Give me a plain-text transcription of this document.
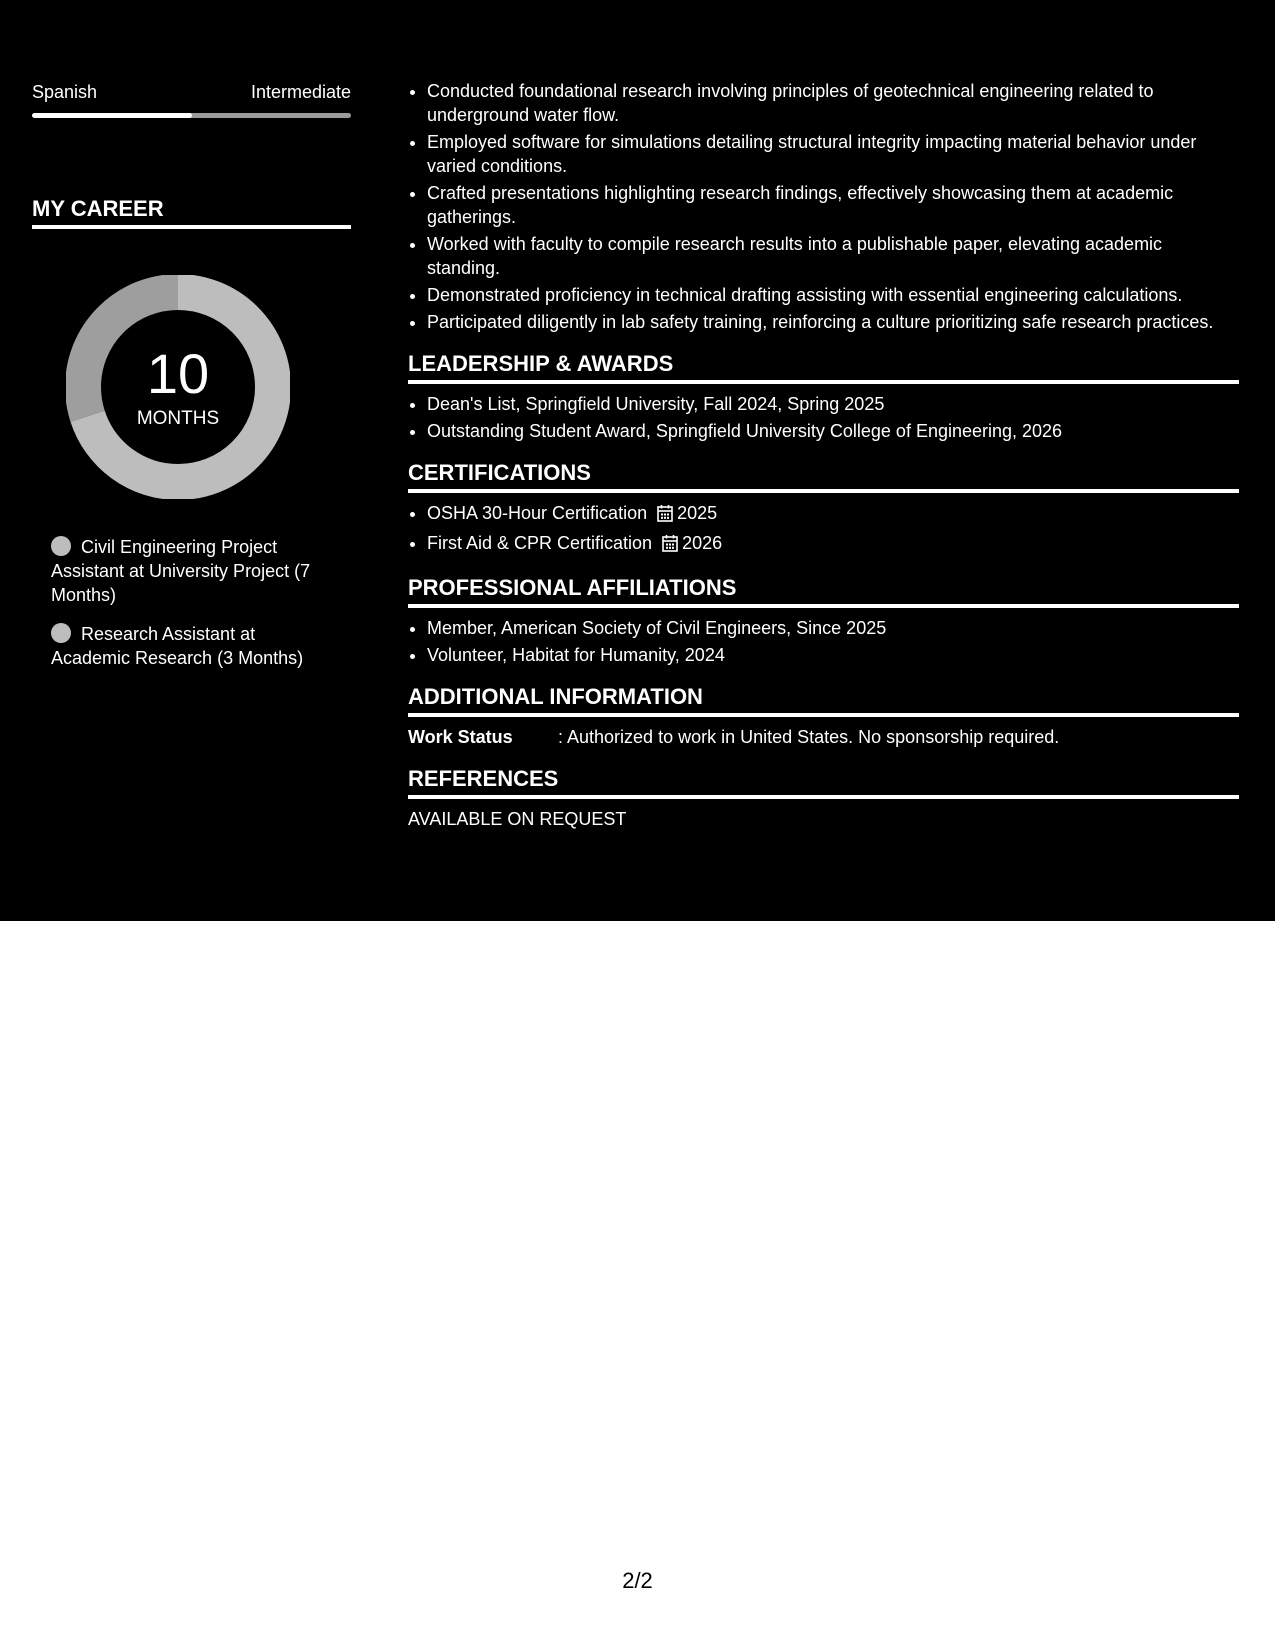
Spanish	Intermediate
MY CAREER
10
MONTHS
Civil Engineering Project Assistant at University Project (7 Months)
Research Assistant at Academic Research (3 Months)
• Conducted foundational research involving principles of geotechnical engineering related to underground water flow.
• Employed software for simulations detailing structural integrity impacting material behavior under varied conditions.
• Crafted presentations highlighting research findings, effectively showcasing them at academic gatherings.
• Worked with faculty to compile research results into a publishable paper, elevating academic standing.
• Demonstrated proficiency in technical drafting assisting with essential engineering calculations.
• Participated diligently in lab safety training, reinforcing a culture prioritizing safe research practices.
LEADERSHIP & AWARDS
• Dean's List, Springfield University, Fall 2024, Spring 2025
• Outstanding Student Award, Springfield University College of Engineering, 2026
CERTIFICATIONS
• OSHA 30-Hour Certification 2025
• First Aid & CPR Certification 2026
PROFESSIONAL AFFILIATIONS
• Member, American Society of Civil Engineers, Since 2025
• Volunteer, Habitat for Humanity, 2024
ADDITIONAL INFORMATION
Work Status	: Authorized to work in United States. No sponsorship required.
REFERENCES
AVAILABLE ON REQUEST
2/2
